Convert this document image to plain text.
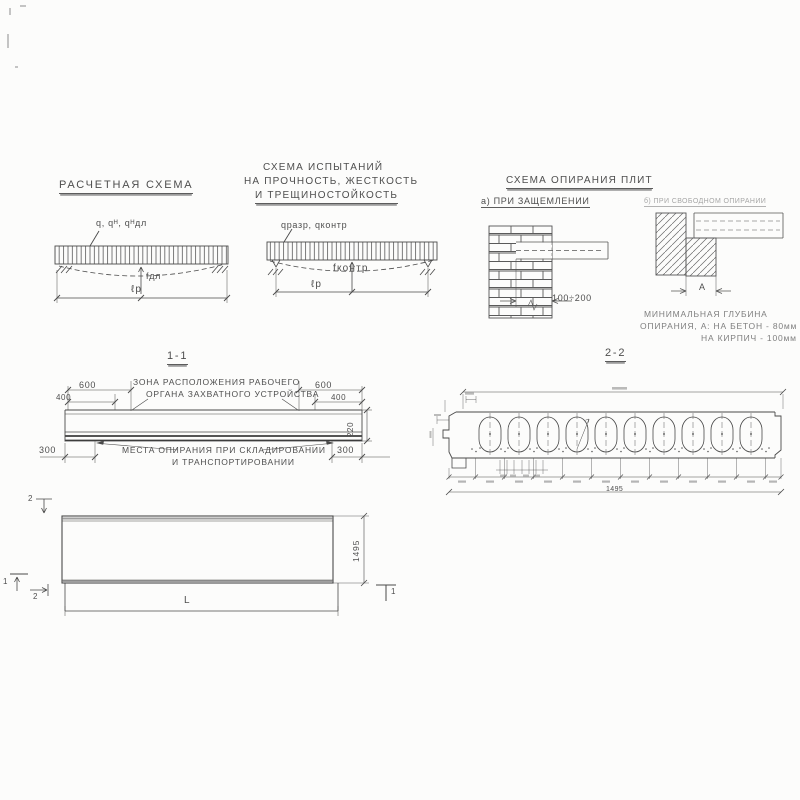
РАСЧЕТНАЯ СХЕМА
q, qᴴ, qᴴдл
fдл
ℓр
СХЕМА ИСПЫТАНИЙ
НА ПРОЧНОСТЬ, ЖЕСТКОСТЬ
И ТРЕЩИНОСТОЙКОСТЬ
qразр, qконтр
fконтр
ℓр
СХЕМА ОПИРАНИЯ ПЛИТ
а) ПРИ ЗАЩЕМЛЕНИИ	б) ПРИ СВОБОДНОМ ОПИРАНИИ
100÷200
А
МИНИМАЛЬНАЯ ГЛУБИНА
ОПИРАНИЯ, А: НА БЕТОН - 80мм
НА КИРПИЧ - 100мм
1-1
600	600
400	400
ЗОНА РАСПОЛОЖЕНИЯ РАБОЧЕГО
ОРГАНА ЗАХВАТНОГО УСТРОЙСТВА
220
300	300
МЕСТА ОПИРАНИЯ ПРИ СКЛАДИРОВАНИИ
И ТРАНСПОРТИРОВАНИИ
2-2
1495
1495
L
1
2
2
1
